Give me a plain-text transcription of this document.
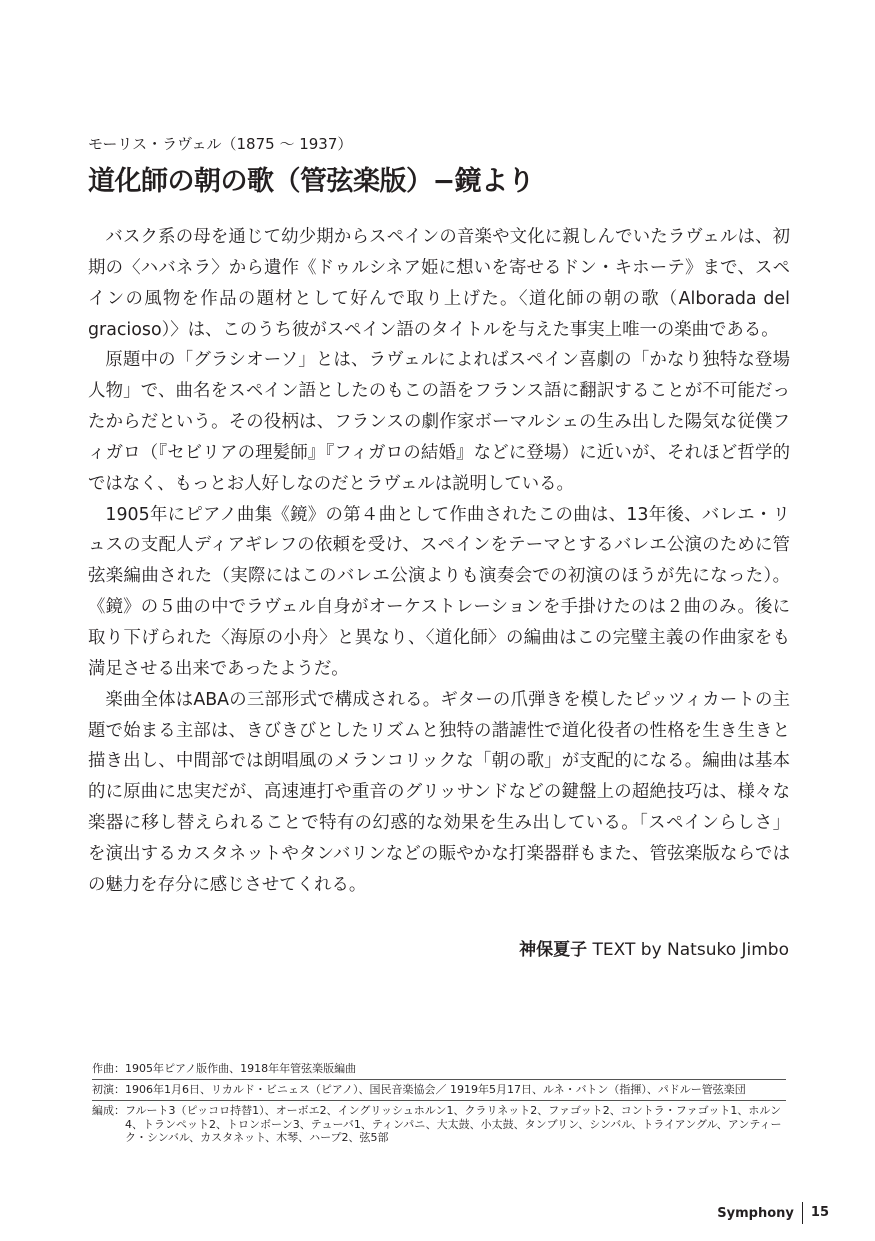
モーリス・ラヴェル（1875 〜 1937）
道化師の朝の歌（管弦楽版）−鏡より

バスク系の母を通じて幼少期からスペインの音楽や文化に親しんでいたラヴェルは、初期の〈ハバネラ〉から遺作《ドゥルシネア姫に想いを寄せるドン・キホーテ》まで、スペインの風物を作品の題材として好んで取り上げた。〈道化師の朝の歌（Alborada del gracioso）〉は、このうち彼がスペイン語のタイトルを与えた事実上唯一の楽曲である。

原題中の「グラシオーソ」とは、ラヴェルによればスペイン喜劇の「かなり独特な登場人物」で、曲名をスペイン語としたのもこの語をフランス語に翻訳することが不可能だったからだという。その役柄は、フランスの劇作家ボーマルシェの生み出した陽気な従僕フィガロ（『セビリアの理髪師』『フィガロの結婚』などに登場）に近いが、それほど哲学的ではなく、もっとお人好しなのだとラヴェルは説明している。

1905年にピアノ曲集《鏡》の第４曲として作曲されたこの曲は、13年後、バレエ・リュスの支配人ディアギレフの依頼を受け、スペインをテーマとするバレエ公演のために管弦楽編曲された（実際にはこのバレエ公演よりも演奏会での初演のほうが先になった）。《鏡》の５曲の中でラヴェル自身がオーケストレーションを手掛けたのは２曲のみ。後に取り下げられた〈海原の小舟〉と異なり、〈道化師〉の編曲はこの完璧主義の作曲家をも満足させる出来であったようだ。

楽曲全体はABAの三部形式で構成される。ギターの爪弾きを模したピッツィカートの主題で始まる主部は、きびきびとしたリズムと独特の諧謔性で道化役者の性格を生き生きと描き出し、中間部では朗唱風のメランコリックな「朝の歌」が支配的になる。編曲は基本的に原曲に忠実だが、高速連打や重音のグリッサンドなどの鍵盤上の超絶技巧は、様々な楽器に移し替えられることで特有の幻惑的な効果を生み出している。「スペインらしさ」を演出するカスタネットやタンバリンなどの賑やかな打楽器群もまた、管弦楽版ならではの魅力を存分に感じさせてくれる。

神保夏子 TEXT by Natsuko Jimbo
作曲： 1905年ピアノ版作曲、1918年年管弦楽版編曲
初演： 1906年1月6日、リカルド・ビニェス（ピアノ）、国民音楽協会／ 1919年5月17日、ルネ・バトン（指揮）、パドルー管弦楽団
編成： フルート3（ピッコロ持替1）、オーボエ2、イングリッシュホルン1、クラリネット2、ファゴット2、コントラ・ファゴット1、ホルン4、トランペット2、トロンボーン3、テューバ1、ティンパニ、大太鼓、小太鼓、タンブリン、シンバル、トライアングル、アンティーク・シンバル、カスタネット、木琴、ハープ2、弦5部
Symphony	15
